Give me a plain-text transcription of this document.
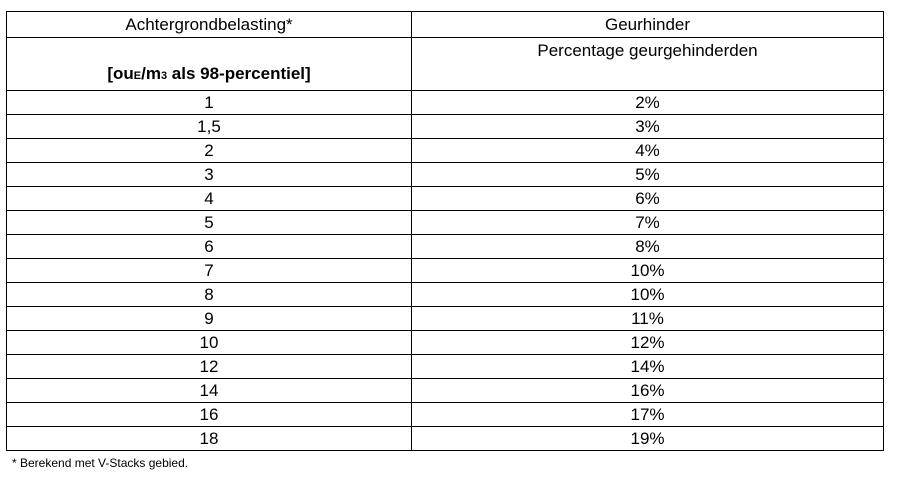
Achtergrondbelasting*	Geurhinder
[ouE/m3 als 98-percentiel]	Percentage geurgehinderden
1	2%
1,5	3%
2	4%
3	5%
4	6%
5	7%
6	8%
7	10%
8	10%
9	11%
10	12%
12	14%
14	16%
16	17%
18	19%
* Berekend met V-Stacks gebied.
